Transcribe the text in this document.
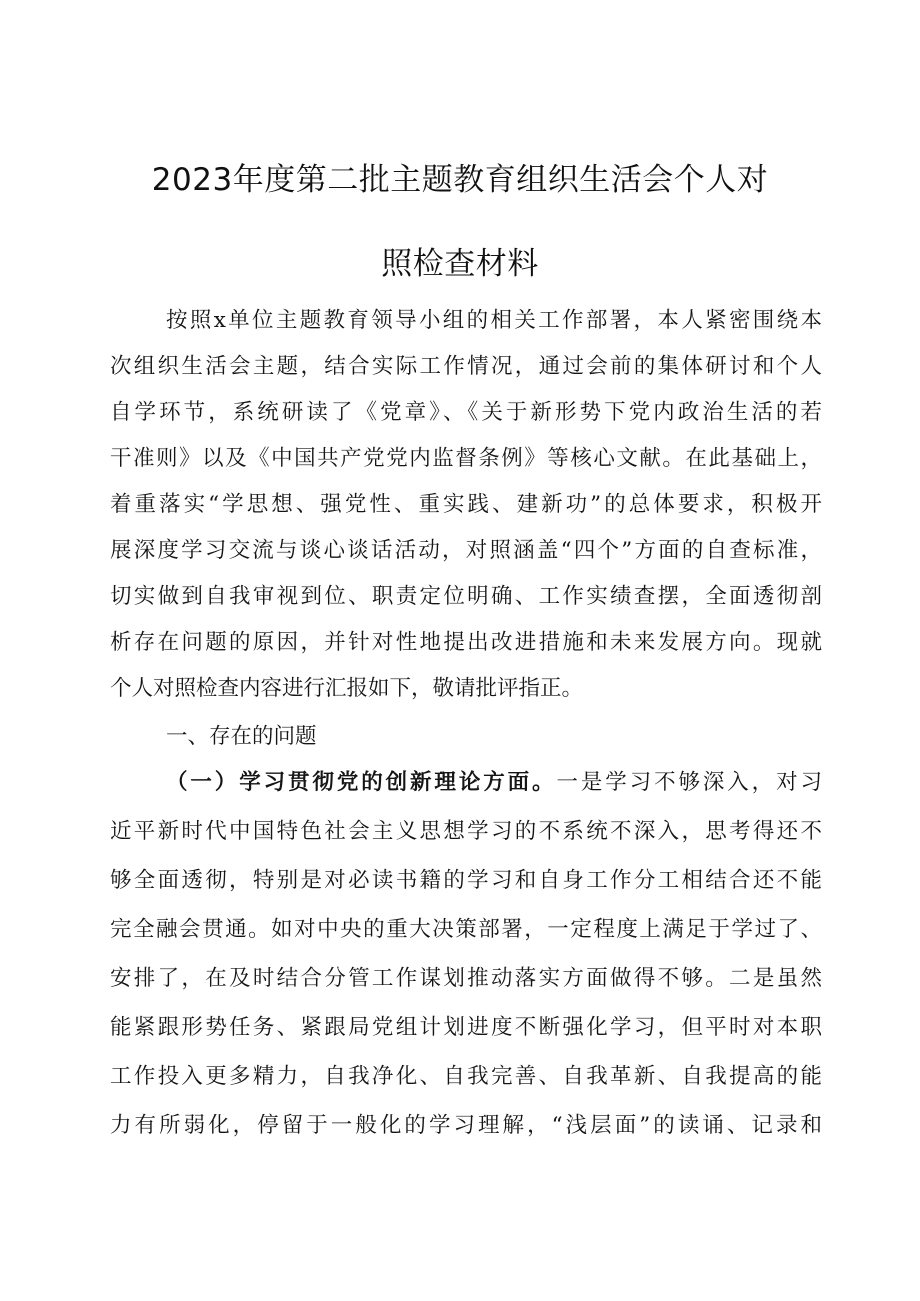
2023年度第二批主题教育组织生活会个人对
照检查材料
按照x单位主题教育领导小组的相关工作部署，本人紧密围绕本
次组织生活会主题，结合实际工作情况，通过会前的集体研讨和个人
自学环节，系统研读了《党章》、《关于新形势下党内政治生活的若
干准则》以及《中国共产党党内监督条例》等核心文献。在此基础上，
着重落实“学思想、强党性、重实践、建新功”的总体要求，积极开
展深度学习交流与谈心谈话活动，对照涵盖“四个”方面的自查标准，
切实做到自我审视到位、职责定位明确、工作实绩查摆，全面透彻剖
析存在问题的原因，并针对性地提出改进措施和未来发展方向。现就
个人对照检查内容进行汇报如下，敬请批评指正。
一、存在的问题
（一）学习贯彻党的创新理论方面。一是学习不够深入，对习
近平新时代中国特色社会主义思想学习的不系统不深入，思考得还不
够全面透彻，特别是对必读书籍的学习和自身工作分工相结合还不能
完全融会贯通。如对中央的重大决策部署，一定程度上满足于学过了、
安排了，在及时结合分管工作谋划推动落实方面做得不够。二是虽然
能紧跟形势任务、紧跟局党组计划进度不断强化学习，但平时对本职
工作投入更多精力，自我净化、自我完善、自我革新、自我提高的能
力有所弱化，停留于一般化的学习理解，“浅层面”的读诵、记录和
